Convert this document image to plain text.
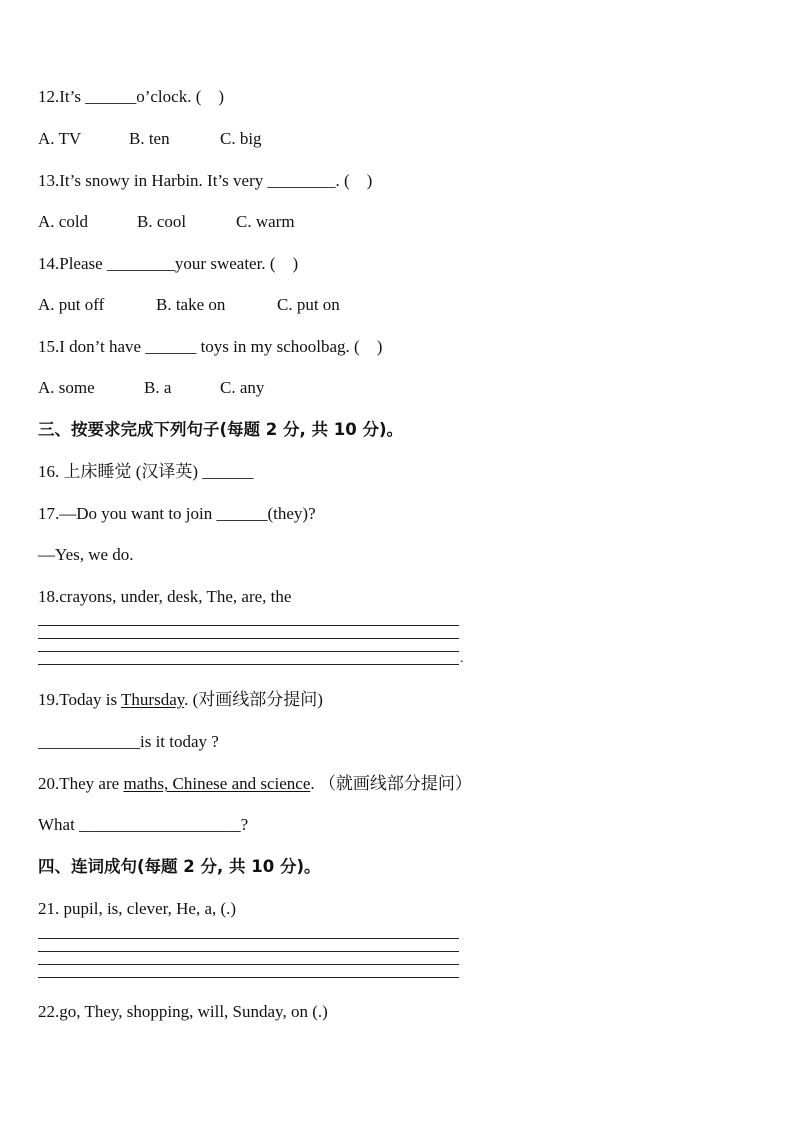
12.It’s ______o’clock. (    )
A. TV	B. ten	C. big
13.It’s snowy in Harbin. It’s very ________. (    )
A. cold	B. cool	C. warm
14.Please ________your sweater. (    )
A. put off	B. take on	C. put on
15.I don’t have ______ toys in my schoolbag. (    )
A. some	B. a	C. any
三、按要求完成下列句子(每题 2 分, 共 10 分)。
16. 上床睡觉 (汉译英) ______
17.—Do you want to join ______(they)?
—Yes, we do.
18.crayons, under, desk, The, are, the
.
19.Today is Thursday. (对画线部分提问)
____________is it today ?
20.They are maths, Chinese and science. （就画线部分提问）
What ___________________?
四、连词成句(每题 2 分, 共 10 分)。
21. pupil, is, clever, He, a, (.)
22.go, They, shopping, will, Sunday, on (.)
